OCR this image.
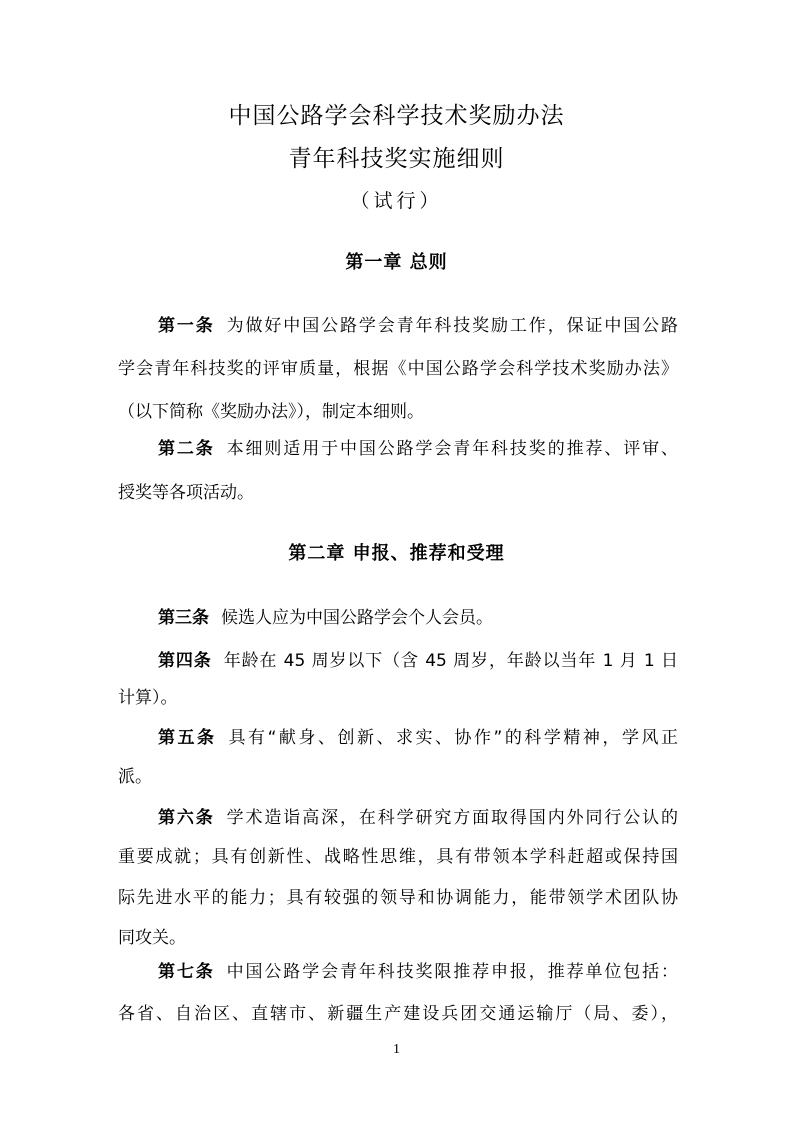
中国公路学会科学技术奖励办法
青年科技奖实施细则
（试行）
第一章 总则
第一条 为做好中国公路学会青年科技奖励工作，保证中国公路
学会青年科技奖的评审质量，根据《中国公路学会科学技术奖励办法》
（以下简称《奖励办法》），制定本细则。
第二条 本细则适用于中国公路学会青年科技奖的推荐、评审、
授奖等各项活动。
第二章 申报、推荐和受理
第三条 候选人应为中国公路学会个人会员。
第四条 年龄在 45 周岁以下（含 45 周岁，年龄以当年 1 月 1 日
计算）。
第五条 具有“献身、创新、求实、协作”的科学精神，学风正
派。
第六条 学术造诣高深，在科学研究方面取得国内外同行公认的
重要成就；具有创新性、战略性思维，具有带领本学科赶超或保持国
际先进水平的能力；具有较强的领导和协调能力，能带领学术团队协
同攻关。
第七条 中国公路学会青年科技奖限推荐申报，推荐单位包括：
各省、自治区、直辖市、新疆生产建设兵团交通运输厅（局、委），
1
